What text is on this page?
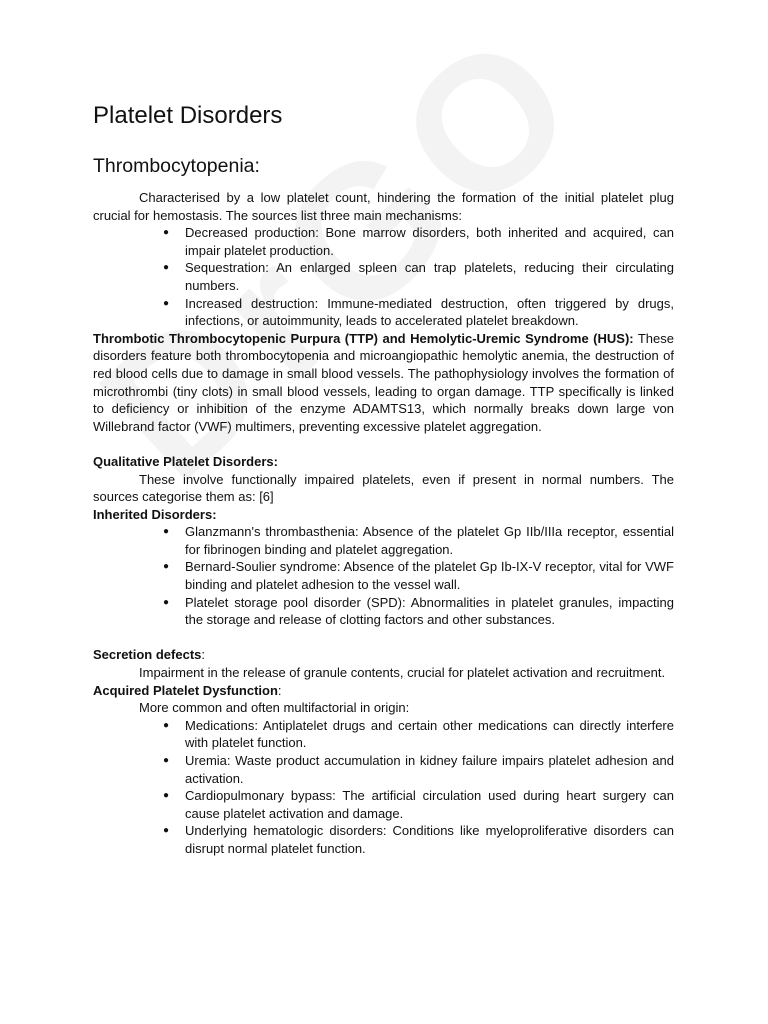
Platelet Disorders
Thrombocytopenia:

Characterised by a low platelet count, hindering the formation of the initial platelet plug crucial for hemostasis. The sources list three main mechanisms:

● Decreased production: Bone marrow disorders, both inherited and acquired, can impair platelet production.
● Sequestration: An enlarged spleen can trap platelets, reducing their circulating numbers.
● Increased destruction: Immune-mediated destruction, often triggered by drugs, infections, or autoimmunity, leads to accelerated platelet breakdown.

Thrombotic Thrombocytopenic Purpura (TTP) and Hemolytic-Uremic Syndrome (HUS): These disorders feature both thrombocytopenia and microangiopathic hemolytic anemia, the destruction of red blood cells due to damage in small blood vessels. The pathophysiology involves the formation of microthrombi (tiny clots) in small blood vessels, leading to organ damage. TTP specifically is linked to deficiency or inhibition of the enzyme ADAMTS13, which normally breaks down large von Willebrand factor (VWF) multimers, preventing excessive platelet aggregation.

Qualitative Platelet Disorders:

These involve functionally impaired platelets, even if present in normal numbers. The sources categorise them as: [6]

Inherited Disorders:

● Glanzmann's thrombasthenia: Absence of the platelet Gp IIb/IIIa receptor, essential for fibrinogen binding and platelet aggregation.
● Bernard-Soulier syndrome: Absence of the platelet Gp Ib-IX-V receptor, vital for VWF binding and platelet adhesion to the vessel wall.
● Platelet storage pool disorder (SPD): Abnormalities in platelet granules, impacting the storage and release of clotting factors and other substances.

Secretion defects:

Impairment in the release of granule contents, crucial for platelet activation and recruitment.

Acquired Platelet Dysfunction:

More common and often multifactorial in origin:

● Medications: Antiplatelet drugs and certain other medications can directly interfere with platelet function.
● Uremia: Waste product accumulation in kidney failure impairs platelet adhesion and activation.
● Cardiopulmonary bypass: The artificial circulation used during heart surgery can cause platelet activation and damage.
● Underlying hematologic disorders: Conditions like myeloproliferative disorders can disrupt normal platelet function.
